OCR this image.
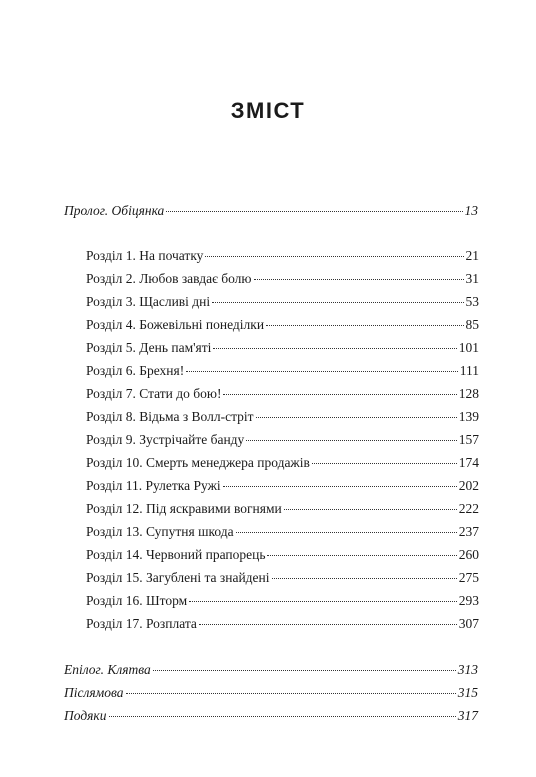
ЗМІСТ
Пролог. Обіцянка	13
Розділ 1. На початку	21
Розділ 2. Любов завдає болю	31
Розділ 3. Щасливі дні	53
Розділ 4. Божевільні понеділки	85
Розділ 5. День пам'яті	101
Розділ 6. Брехня!	111
Розділ 7. Стати до бою!	128
Розділ 8. Відьма з Волл-стріт	139
Розділ 9. Зустрічайте банду	157
Розділ 10. Смерть менеджера продажів	174
Розділ 11. Рулетка Ружі	202
Розділ 12. Під яскравими вогнями	222
Розділ 13. Супутня шкода	237
Розділ 14. Червоний прапорець	260
Розділ 15. Загублені та знайдені	275
Розділ 16. Шторм	293
Розділ 17. Розплата	307
Епілог. Клятва	313
Післямова	315
Подяки	317
